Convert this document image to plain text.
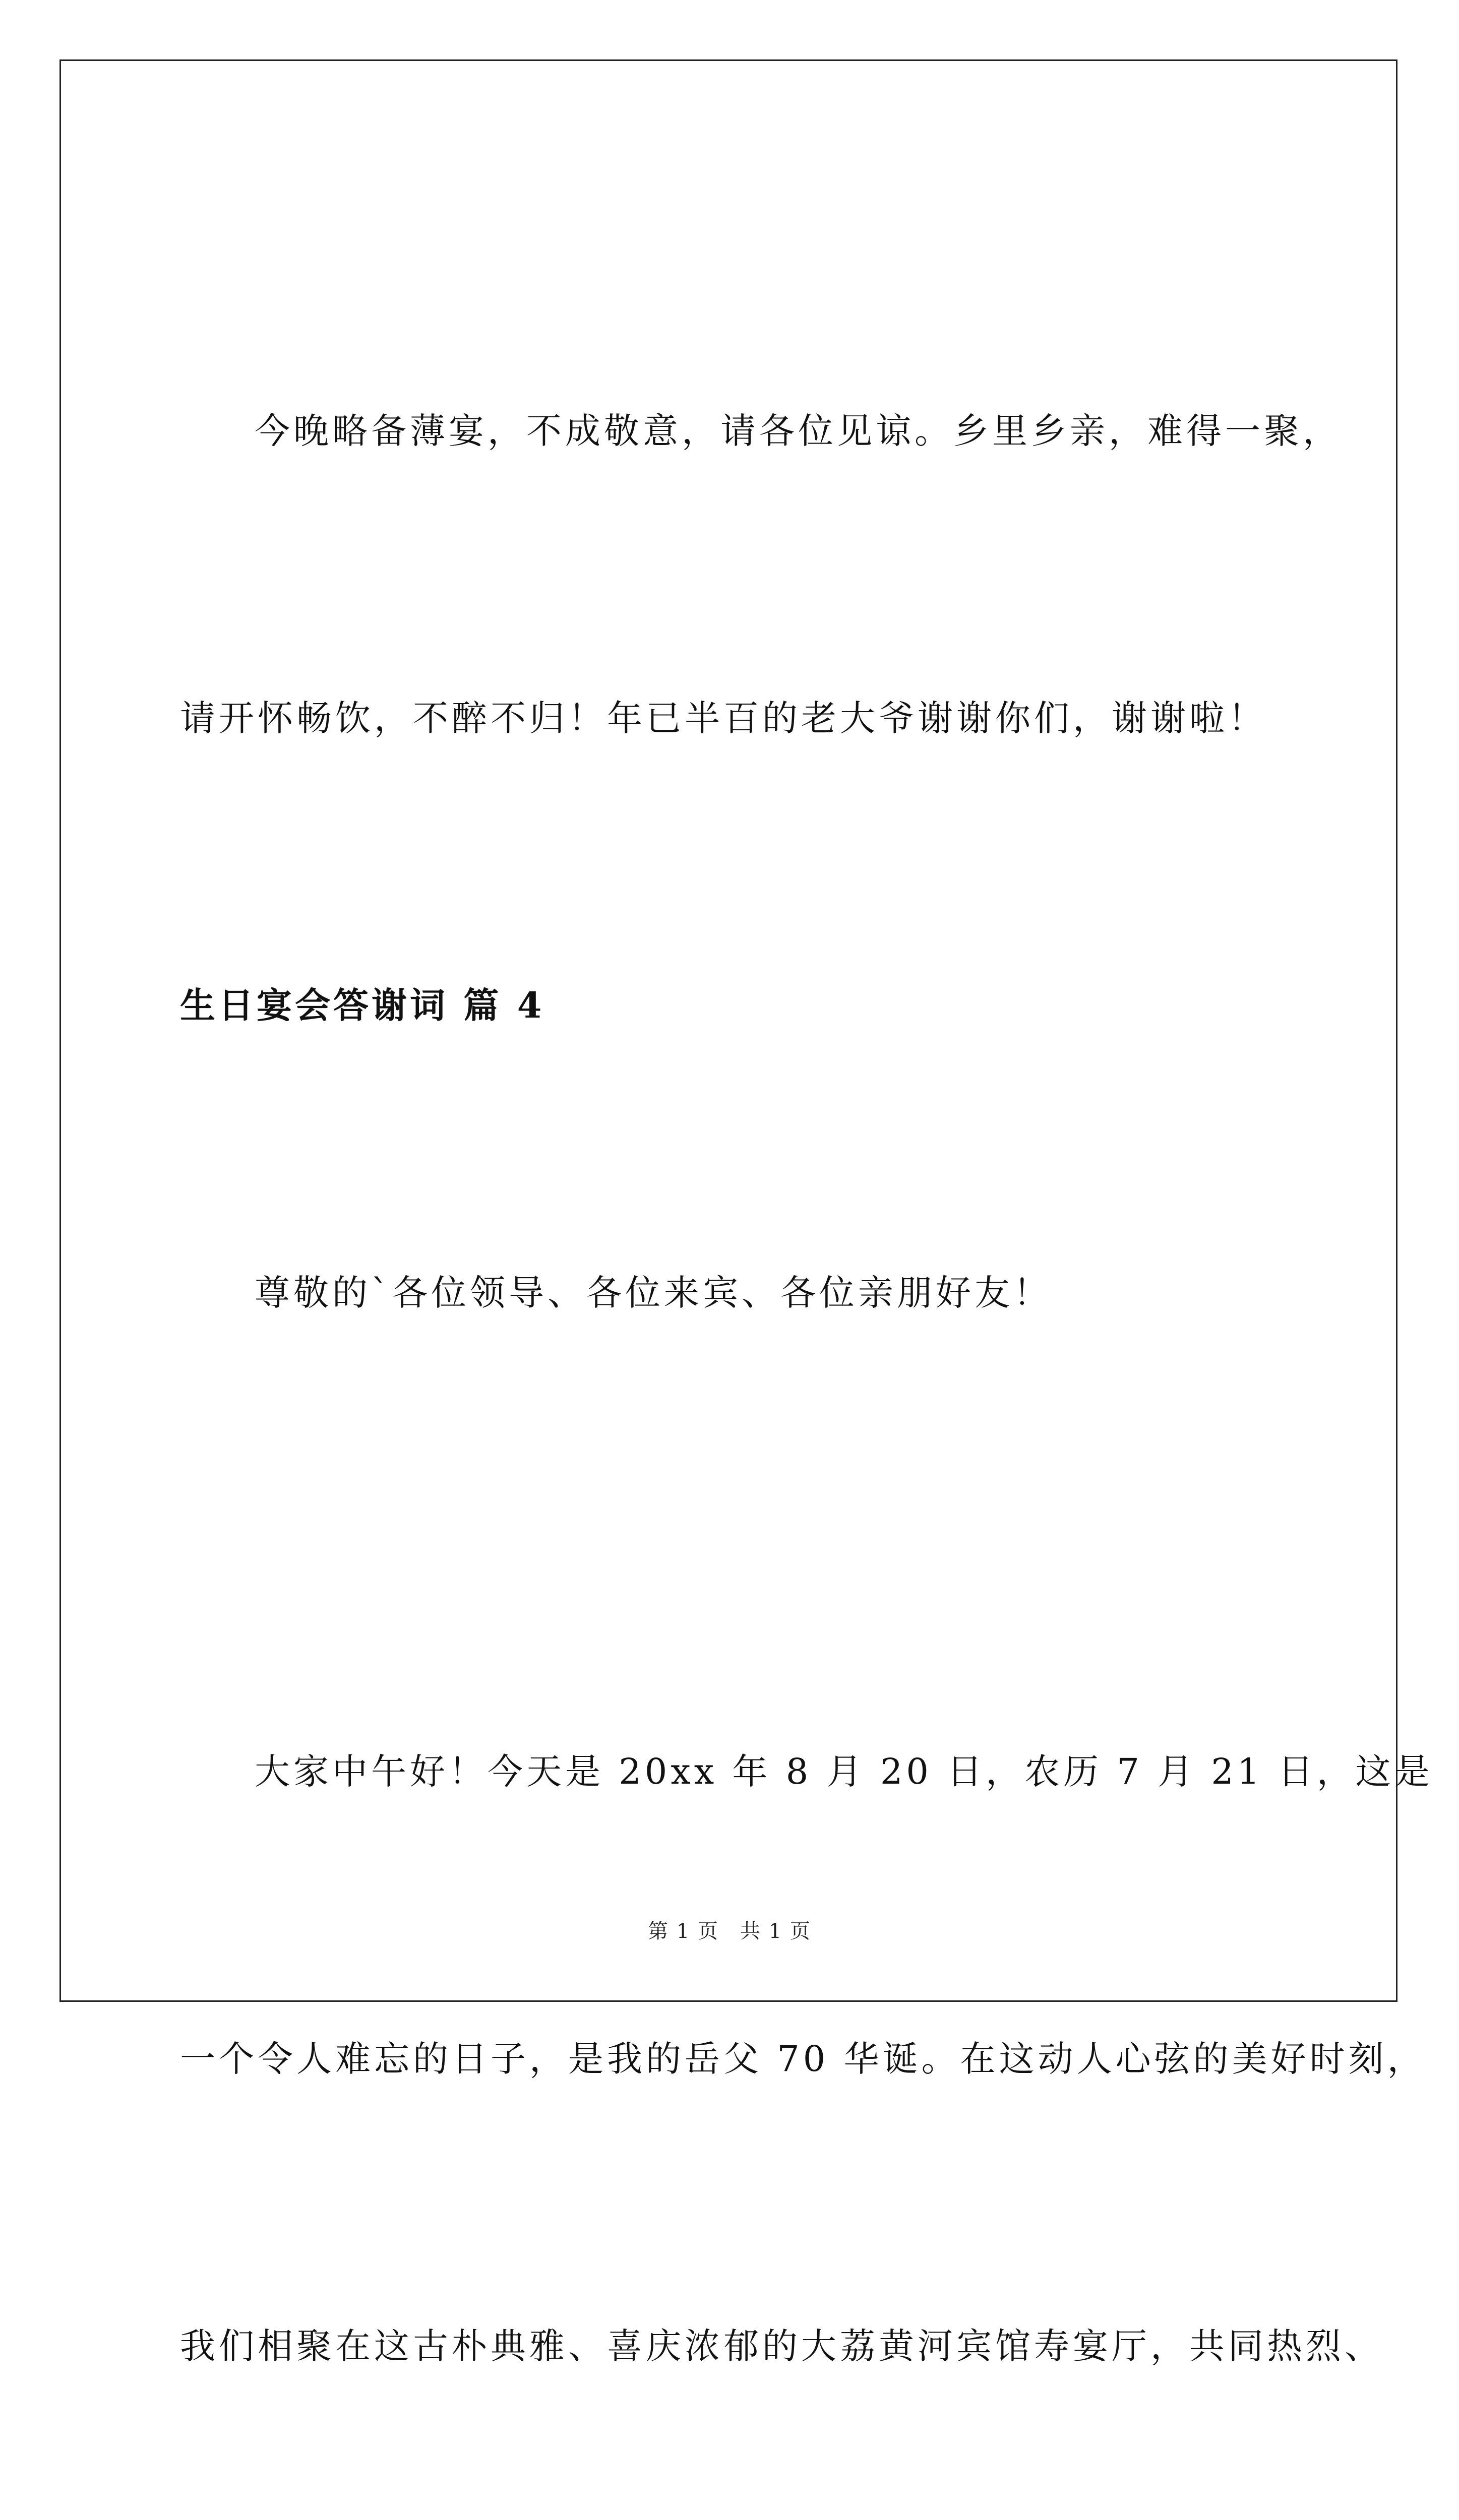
今晚略备薄宴，不成敬意，请各位见谅。乡里乡亲，难得一聚，

请开怀畅饮，不醉不归！年已半百的老大爷谢谢你们，谢谢啦！

生日宴会答谢词 篇 4

尊敬的`各位领导、各位来宾、各位亲朋好友！

大家中午好！今天是 20xx 年 8 月 20 日，农历 7 月 21 日，这是

一个令人难忘的日子，是我的岳父 70 华诞。在这动人心弦的美好时刻，

我们相聚在这古朴典雅、喜庆浓郁的大荔黄河宾馆寿宴厅，共同热烈、

第 1 页　共 1 页
